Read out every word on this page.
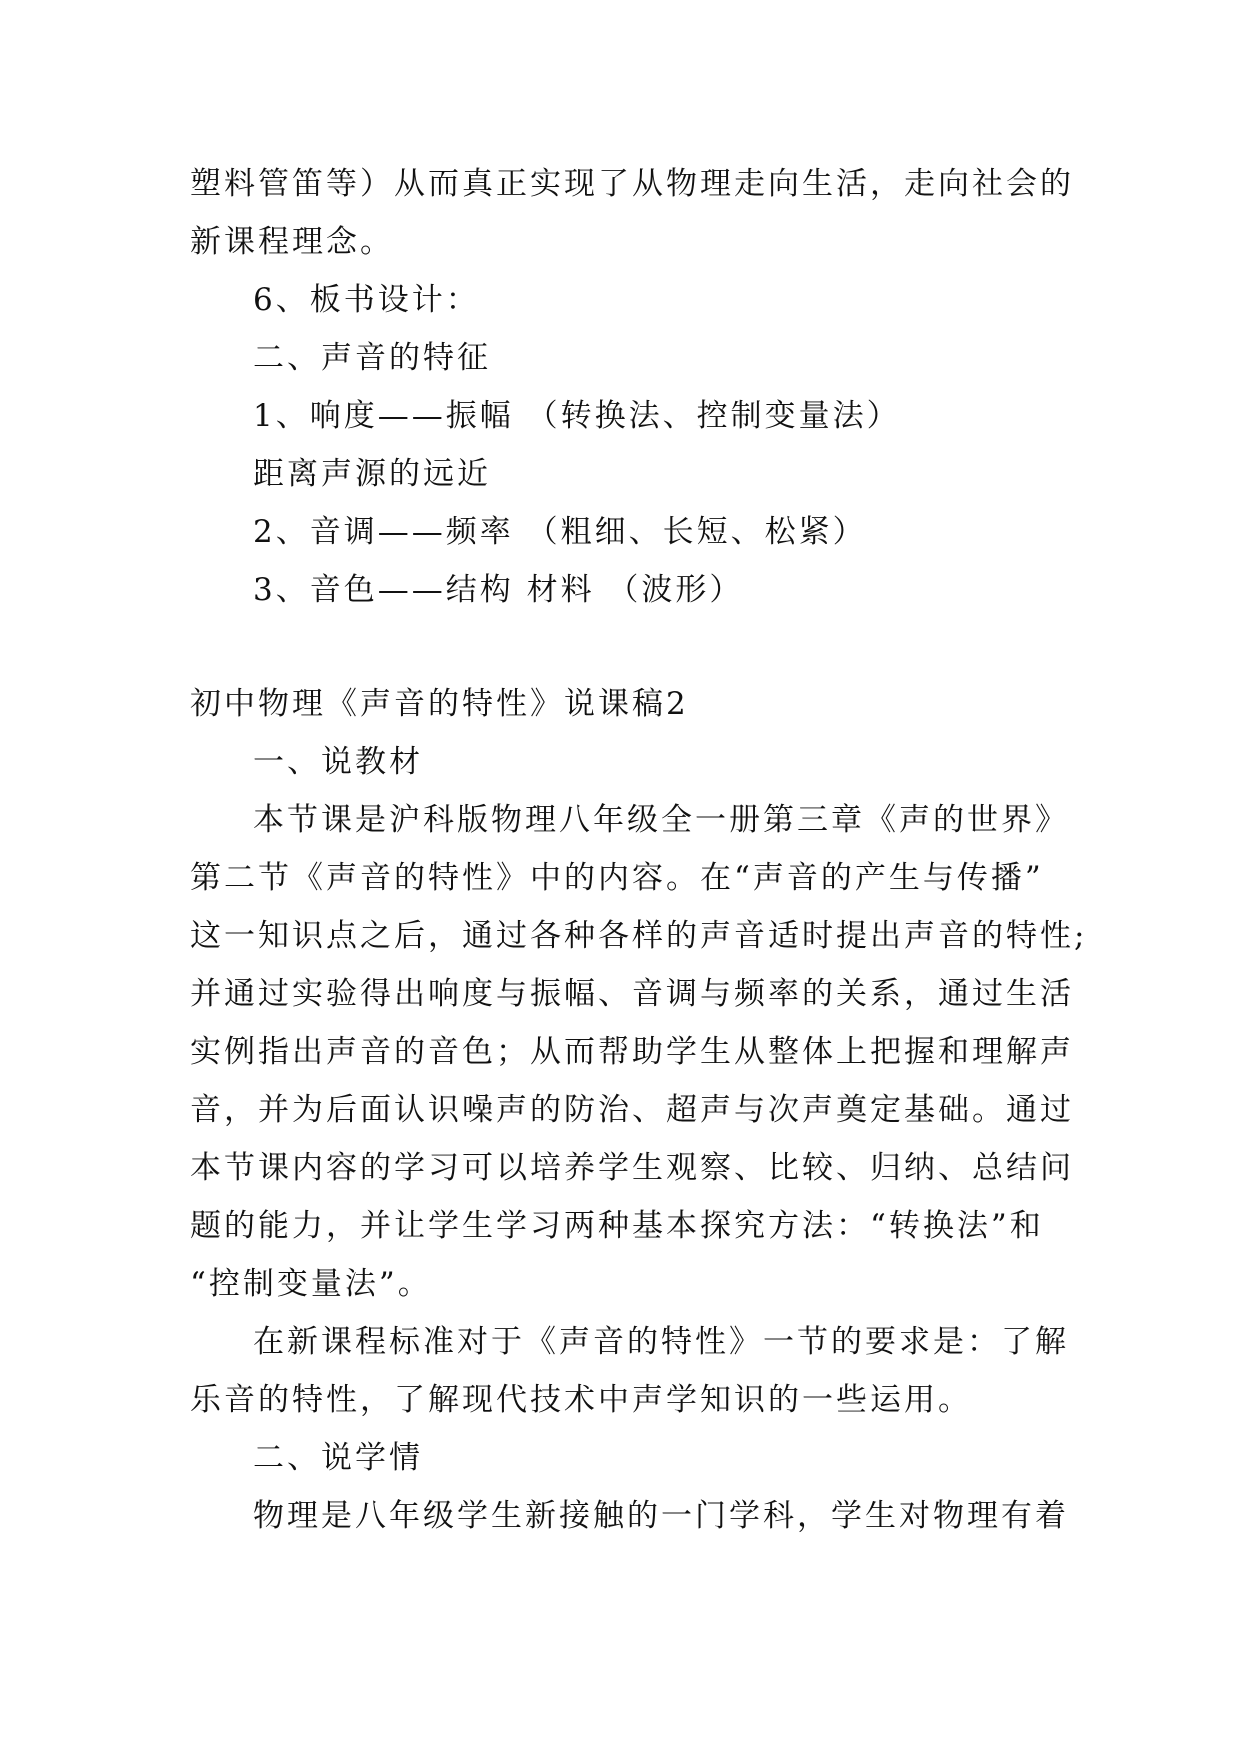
塑料管笛等）从而真正实现了从物理走向生活，走向社会的
新课程理念。
6、板书设计：
二、声音的特征
1、响度——振幅 （转换法、控制变量法）
距离声源的远近
2、音调——频率 （粗细、长短、松紧）
3、音色——结构 材料 （波形）
初中物理《声音的特性》说课稿2
一、说教材
本节课是沪科版物理八年级全一册第三章《声的世界》
第二节《声音的特性》中的内容。在“声音的产生与传播”
这一知识点之后，通过各种各样的声音适时提出声音的特性;
并通过实验得出响度与振幅、音调与频率的关系，通过生活
实例指出声音的音色；从而帮助学生从整体上把握和理解声
音，并为后面认识噪声的防治、超声与次声奠定基础。通过
本节课内容的学习可以培养学生观察、比较、归纳、总结问
题的能力，并让学生学习两种基本探究方法：“转换法”和
“控制变量法”。
在新课程标准对于《声音的特性》一节的要求是：了解
乐音的特性，了解现代技术中声学知识的一些运用。
二、说学情
物理是八年级学生新接触的一门学科，学生对物理有着
